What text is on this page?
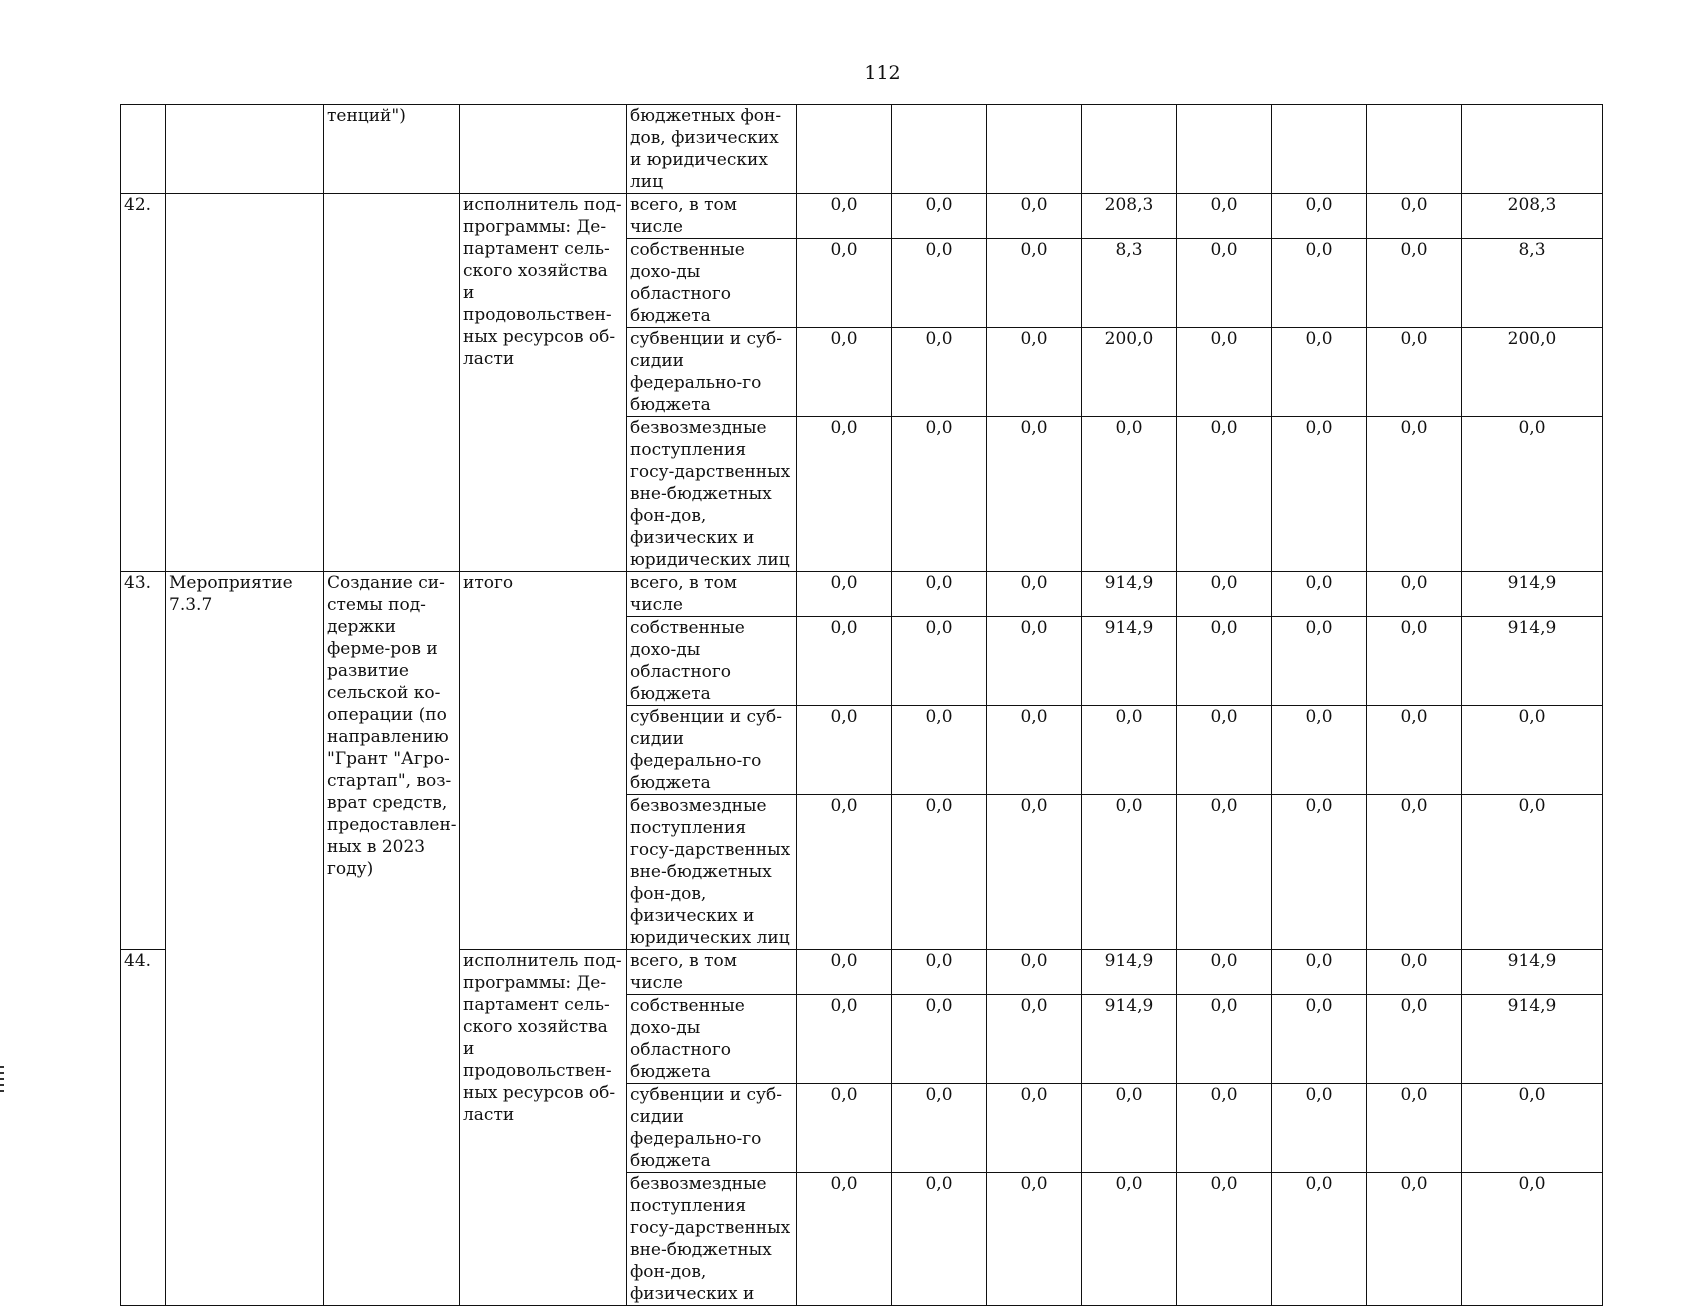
112
		тенций")		бюджетных фон-дов, физических и юридических лиц								
42.			исполнитель под-программы: Де-партамент сель-ского хозяйства и продовольствен-ных ресурсов об-ласти	всего, в том числе	0,0	0,0	0,0	208,3	0,0	0,0	0,0	208,3
				собственные дохо-ды областного бюджета	0,0	0,0	0,0	8,3	0,0	0,0	0,0	8,3
				субвенции и суб-сидии федерально-го бюджета	0,0	0,0	0,0	200,0	0,0	0,0	0,0	200,0
				безвозмездные поступления госу-дарственных вне-бюджетных фон-дов, физических и юридических лиц	0,0	0,0	0,0	0,0	0,0	0,0	0,0	0,0
43.	Мероприятие 7.3.7	Создание си-стемы под-держки ферме-ров и развитие сельской ко-операции (по направлению "Грант "Агро-стартап", воз-врат средств, предоставлен-ных в 2023 году)	итого	всего, в том числе	0,0	0,0	0,0	914,9	0,0	0,0	0,0	914,9
				собственные дохо-ды областного бюджета	0,0	0,0	0,0	914,9	0,0	0,0	0,0	914,9
				субвенции и суб-сидии федерально-го бюджета	0,0	0,0	0,0	0,0	0,0	0,0	0,0	0,0
				безвозмездные поступления госу-дарственных вне-бюджетных фон-дов, физических и юридических лиц	0,0	0,0	0,0	0,0	0,0	0,0	0,0	0,0
44.			исполнитель под-программы: Де-партамент сель-ского хозяйства и продовольствен-ных ресурсов об-ласти	всего, в том числе	0,0	0,0	0,0	914,9	0,0	0,0	0,0	914,9
				собственные дохо-ды областного бюджета	0,0	0,0	0,0	914,9	0,0	0,0	0,0	914,9
				субвенции и суб-сидии федерально-го бюджета	0,0	0,0	0,0	0,0	0,0	0,0	0,0	0,0
				безвозмездные поступления госу-дарственных вне-бюджетных фон-дов, физических и	0,0	0,0	0,0	0,0	0,0	0,0	0,0	0,0
